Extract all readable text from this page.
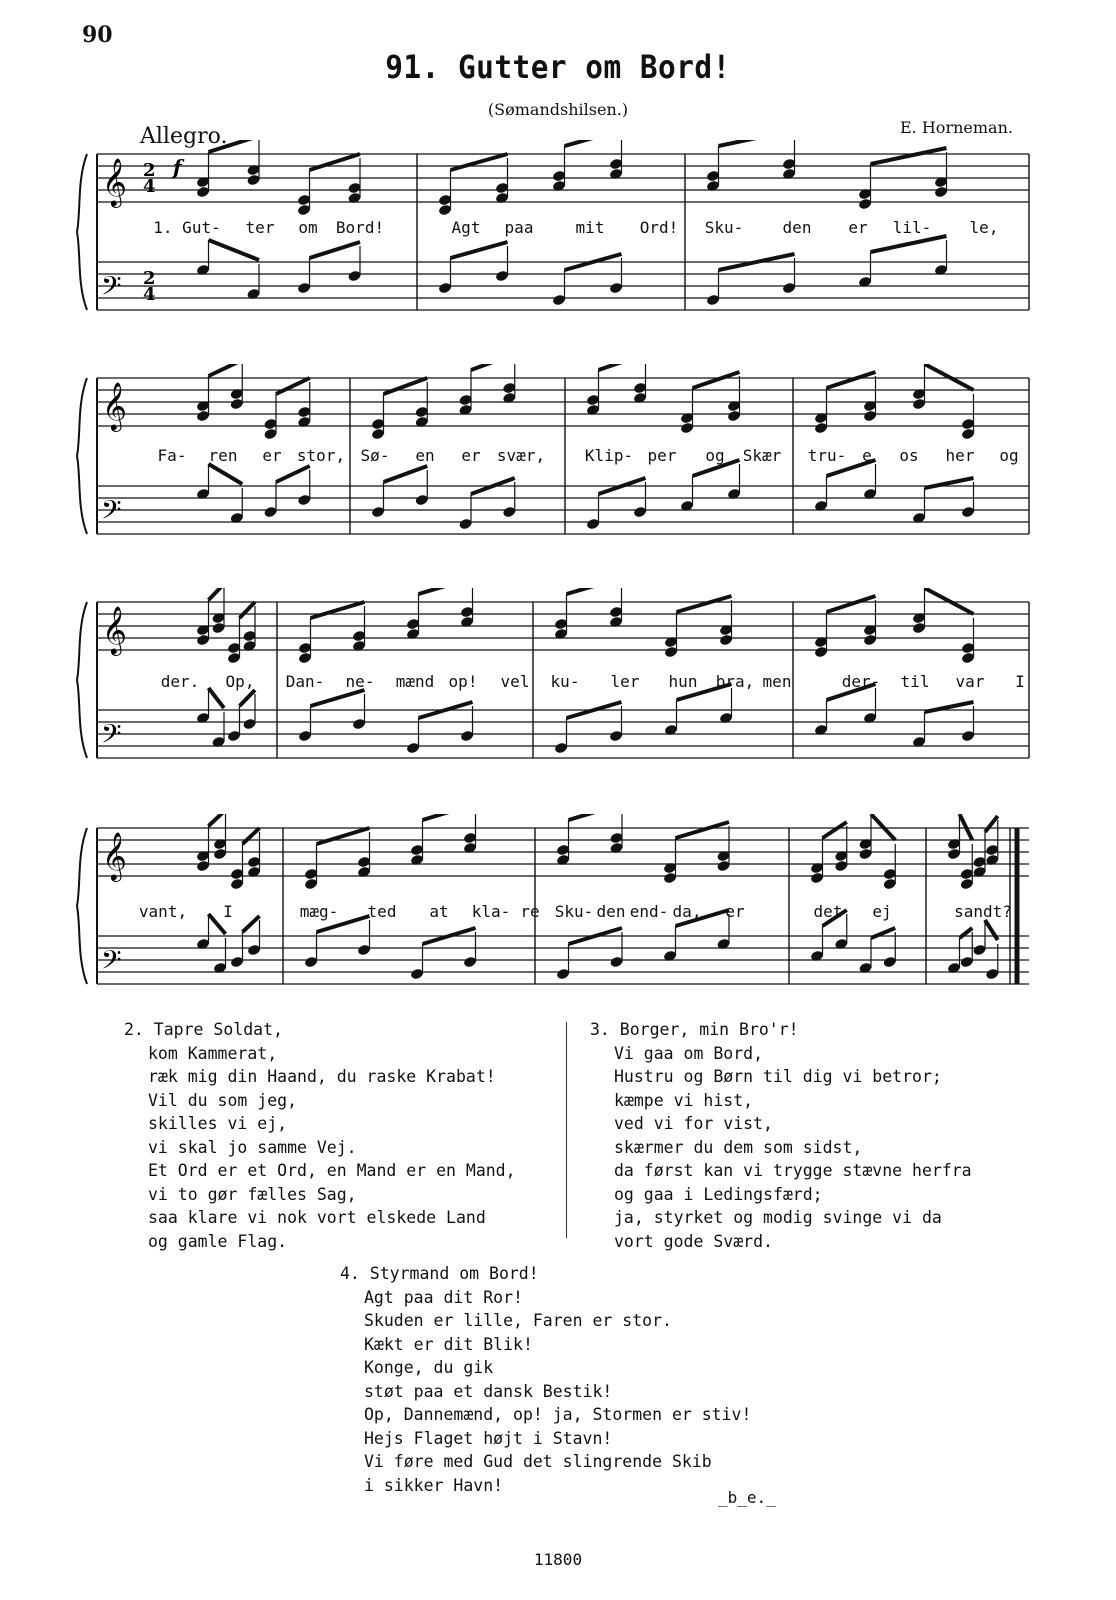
90
91. Gutter om Bord!
(Sømandshilsen.)
Allegro.	E. Horneman.
𝄞
𝄢
2
4
2
4
f
1. Gut- ter om Bord!	Agt paa	mit Ord! Sku- den er lil- le,
𝄞
𝄢
Fa- ren er stor, Sø- en er svær, Klip- per og Skær tru- e os her og
𝄞
𝄢
der. Op, Dan- ne- mænd op! vel ku- ler hun bra, men	der- til var I
𝄞
𝄢
vant, I	mæg- ted at kla- re Sku- den end- da, er	det ej	sandt?
2. Tapre Soldat,
kom Kammerat,
ræk mig din Haand, du raske Krabat!
Vil du som jeg,
skilles vi ej,
vi skal jo samme Vej.
Et Ord er et Ord, en Mand er en Mand,
vi to gør fælles Sag,
saa klare vi nok vort elskede Land
og gamle Flag.
3. Borger, min Bro'r!
Vi gaa om Bord,
Hustru og Børn til dig vi betror;
kæmpe vi hist,
ved vi for vist,
skærmer du dem som sidst,
da først kan vi trygge stævne herfra
og gaa i Ledingsfærd;
ja, styrket og modig svinge vi da
vort gode Sværd.
4. Styrmand om Bord!
Agt paa dit Ror!
Skuden er lille, Faren er stor.
Kækt er dit Blik!
Konge, du gik
støt paa et dansk Bestik!
Op, Dannemænd, op! ja, Stormen er stiv!
Hejs Flaget højt i Stavn!
Vi føre med Gud det slingrende Skib
i sikker Havn!
_b_e._
11800
